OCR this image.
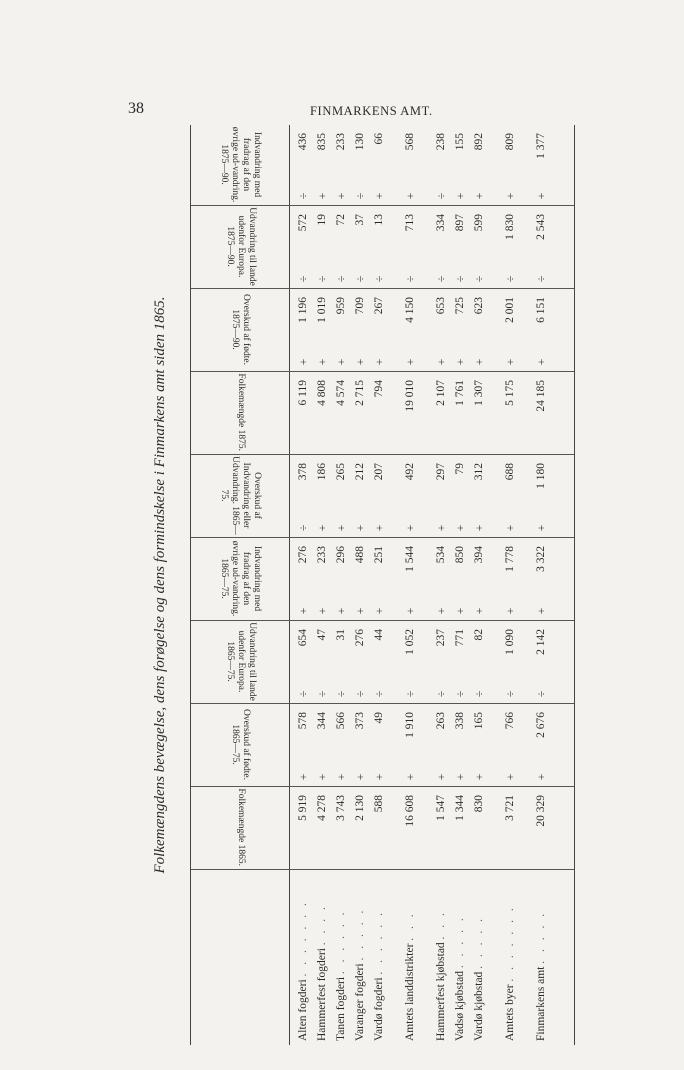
38	FINMARKENS AMT.
Folkemængdens bevægelse, dens forøgelse og dens formindskelse i Finmarkens amt siden 1865.	Folkemængde 1865.
Overskud af fødte. 1865—75.
Udvandring til lande udenfor Europa. 1865—75.
Indvandring med fradrag af den øvrige ud-vandring. 1865—75.
Overskud af Indvandring eller Udvandring. 1865—75.
Folkemængde 1875.
Overskud af fødte. 1875—90.
Udvandring til lande udenfor Europa. 1875—90.
Indvandring med fradrag af den øvrige ud-vandring. 1875—90.
Alten fogderi . . . . . . .
5 919
+
578
÷
654
+
276
÷
378
6 119
+
1 196
÷
572
÷
436
Hammerfest fogderi . . . .
4 278
+
344
÷
47
+
233
+
186
4 808
+
1 019
÷
19
+
835
Tanen fogderi . . . . . .
3 743
+
566
÷
31
+
296
+
265
4 574
+
959
÷
72
+
233
Varanger fogderi . . . . .
2 130
+
373
÷
276
+
488
+
212
2 715
+
709
÷
37
÷
130
Vardø fogderi . . . . . .
588
+
49
÷
44
+
251
+
207
794
+
267
÷
13
+
66
Amtets landdistrikter . . .
16 608
+
1 910
÷
1 052
+
1 544
+
492
19 010
+
4 150
÷
713
+
568
Hammerfest kjøbstad . . .
1 547
+
263
÷
237
+
534
+
297
2 107
+
653
÷
334
÷
238
Vadsø kjøbstad . . . . .
1 344
+
338
÷
771
+
850
+
79
1 761
+
725
÷
897
+
155
Vardø kjøbstad . . . . .
830
+
165
÷
82
+
394
+
312
1 307
+
623
÷
599
+
892
Amtets byer . . . . . . .
3 721
+
766
÷
1 090
+
1 778
+
688
5 175
+
2 001
÷
1 830
+
809
Finmarkens amt . . . . .
20 329
+
2 676
÷
2 142
+
3 322
+
1 180
24 185
+
6 151
÷
2 543
+
1 377
